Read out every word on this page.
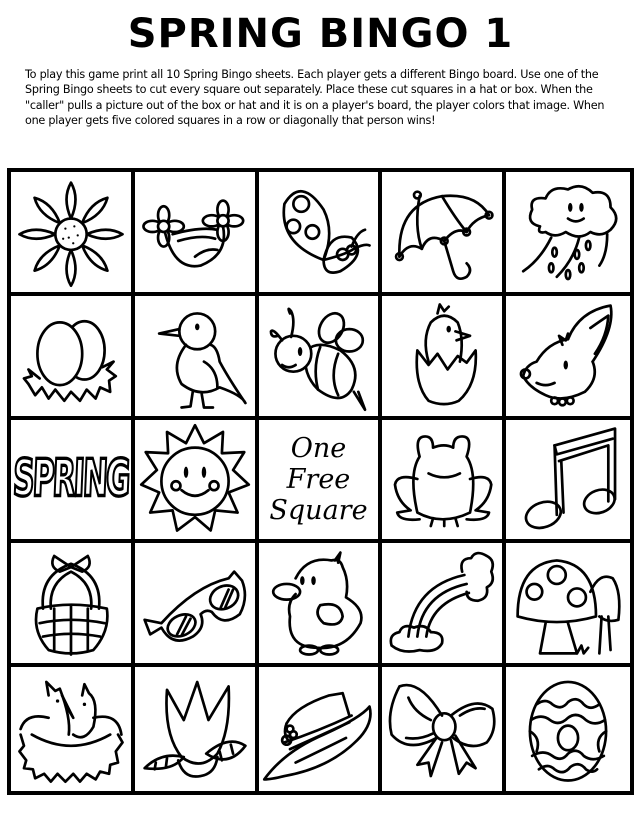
SPRING BINGO 1
To play this game print all 10 Spring Bingo sheets. Each player gets a different Bingo board. Use one of the Spring Bingo sheets to cut every square out separately. Place these cut squares in a hat or box. When the "caller" pulls a picture out of the box or hat and it is on a player's board, the player colors that image. When one player gets five colored squares in a row or diagonally that person wins!
SPRING
One
Free
Square
